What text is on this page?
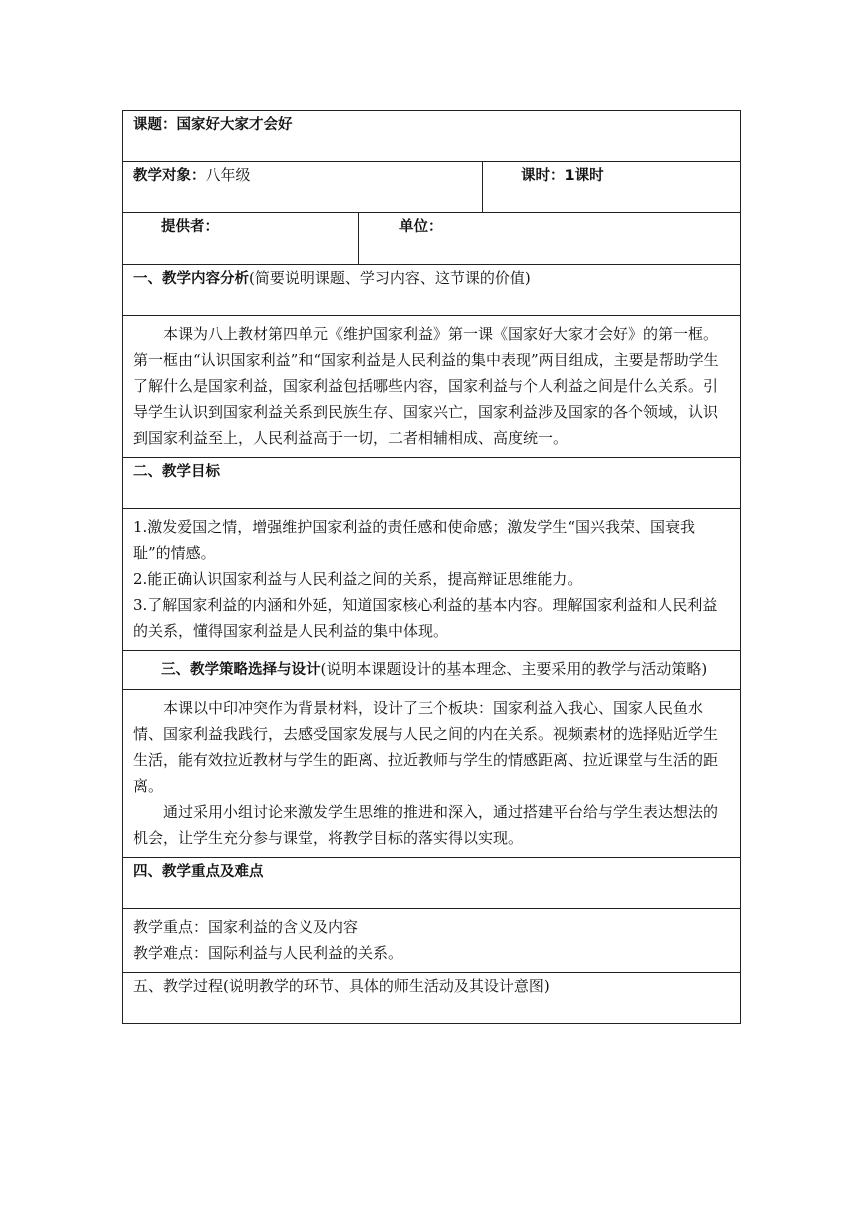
课题：国家好大家才会好		
教学对象：八年级		课时：1课时
提供者：	单位：	
一、教学内容分析(简要说明课题、学习内容、这节课的价值)		

本课为八上教材第四单元《维护国家利益》第一课《国家好大家才会好》的第一框。第一框由“认识国家利益”和“国家利益是人民利益的集中表现”两目组成，主要是帮助学生了解什么是国家利益，国家利益包括哪些内容，国家利益与个人利益之间是什么关系。引导学生认识到国家利益关系到民族生存、国家兴亡，国家利益涉及国家的各个领域，认识到国家利益至上，人民利益高于一切，二者相辅相成、高度统一。		

二、教学目标		

1.激发爱国之情，增强维护国家利益的责任感和使命感；激发学生“国兴我荣、国衰我耻”的情感。

2.能正确认识国家利益与人民利益之间的关系，提高辩证思维能力。

3.了解国家利益的内涵和外延，知道国家核心利益的基本内容。理解国家利益和人民利益的关系，懂得国家利益是人民利益的集中体现。		

三、教学策略选择与设计(说明本课题设计的基本理念、主要采用的教学与活动策略)		

本课以中印冲突作为背景材料，设计了三个板块：国家利益入我心、国家人民鱼水情、国家利益我践行，去感受国家发展与人民之间的内在关系。视频素材的选择贴近学生生活，能有效拉近教材与学生的距离、拉近教师与学生的情感距离、拉近课堂与生活的距离。

通过采用小组讨论来激发学生思维的推进和深入，通过搭建平台给与学生表达想法的机会，让学生充分参与课堂，将教学目标的落实得以实现。		

四、教学重点及难点		

教学重点：国家利益的含义及内容

教学难点：国际利益与人民利益的关系。		

五、教学过程(说明教学的环节、具体的师生活动及其设计意图)		
